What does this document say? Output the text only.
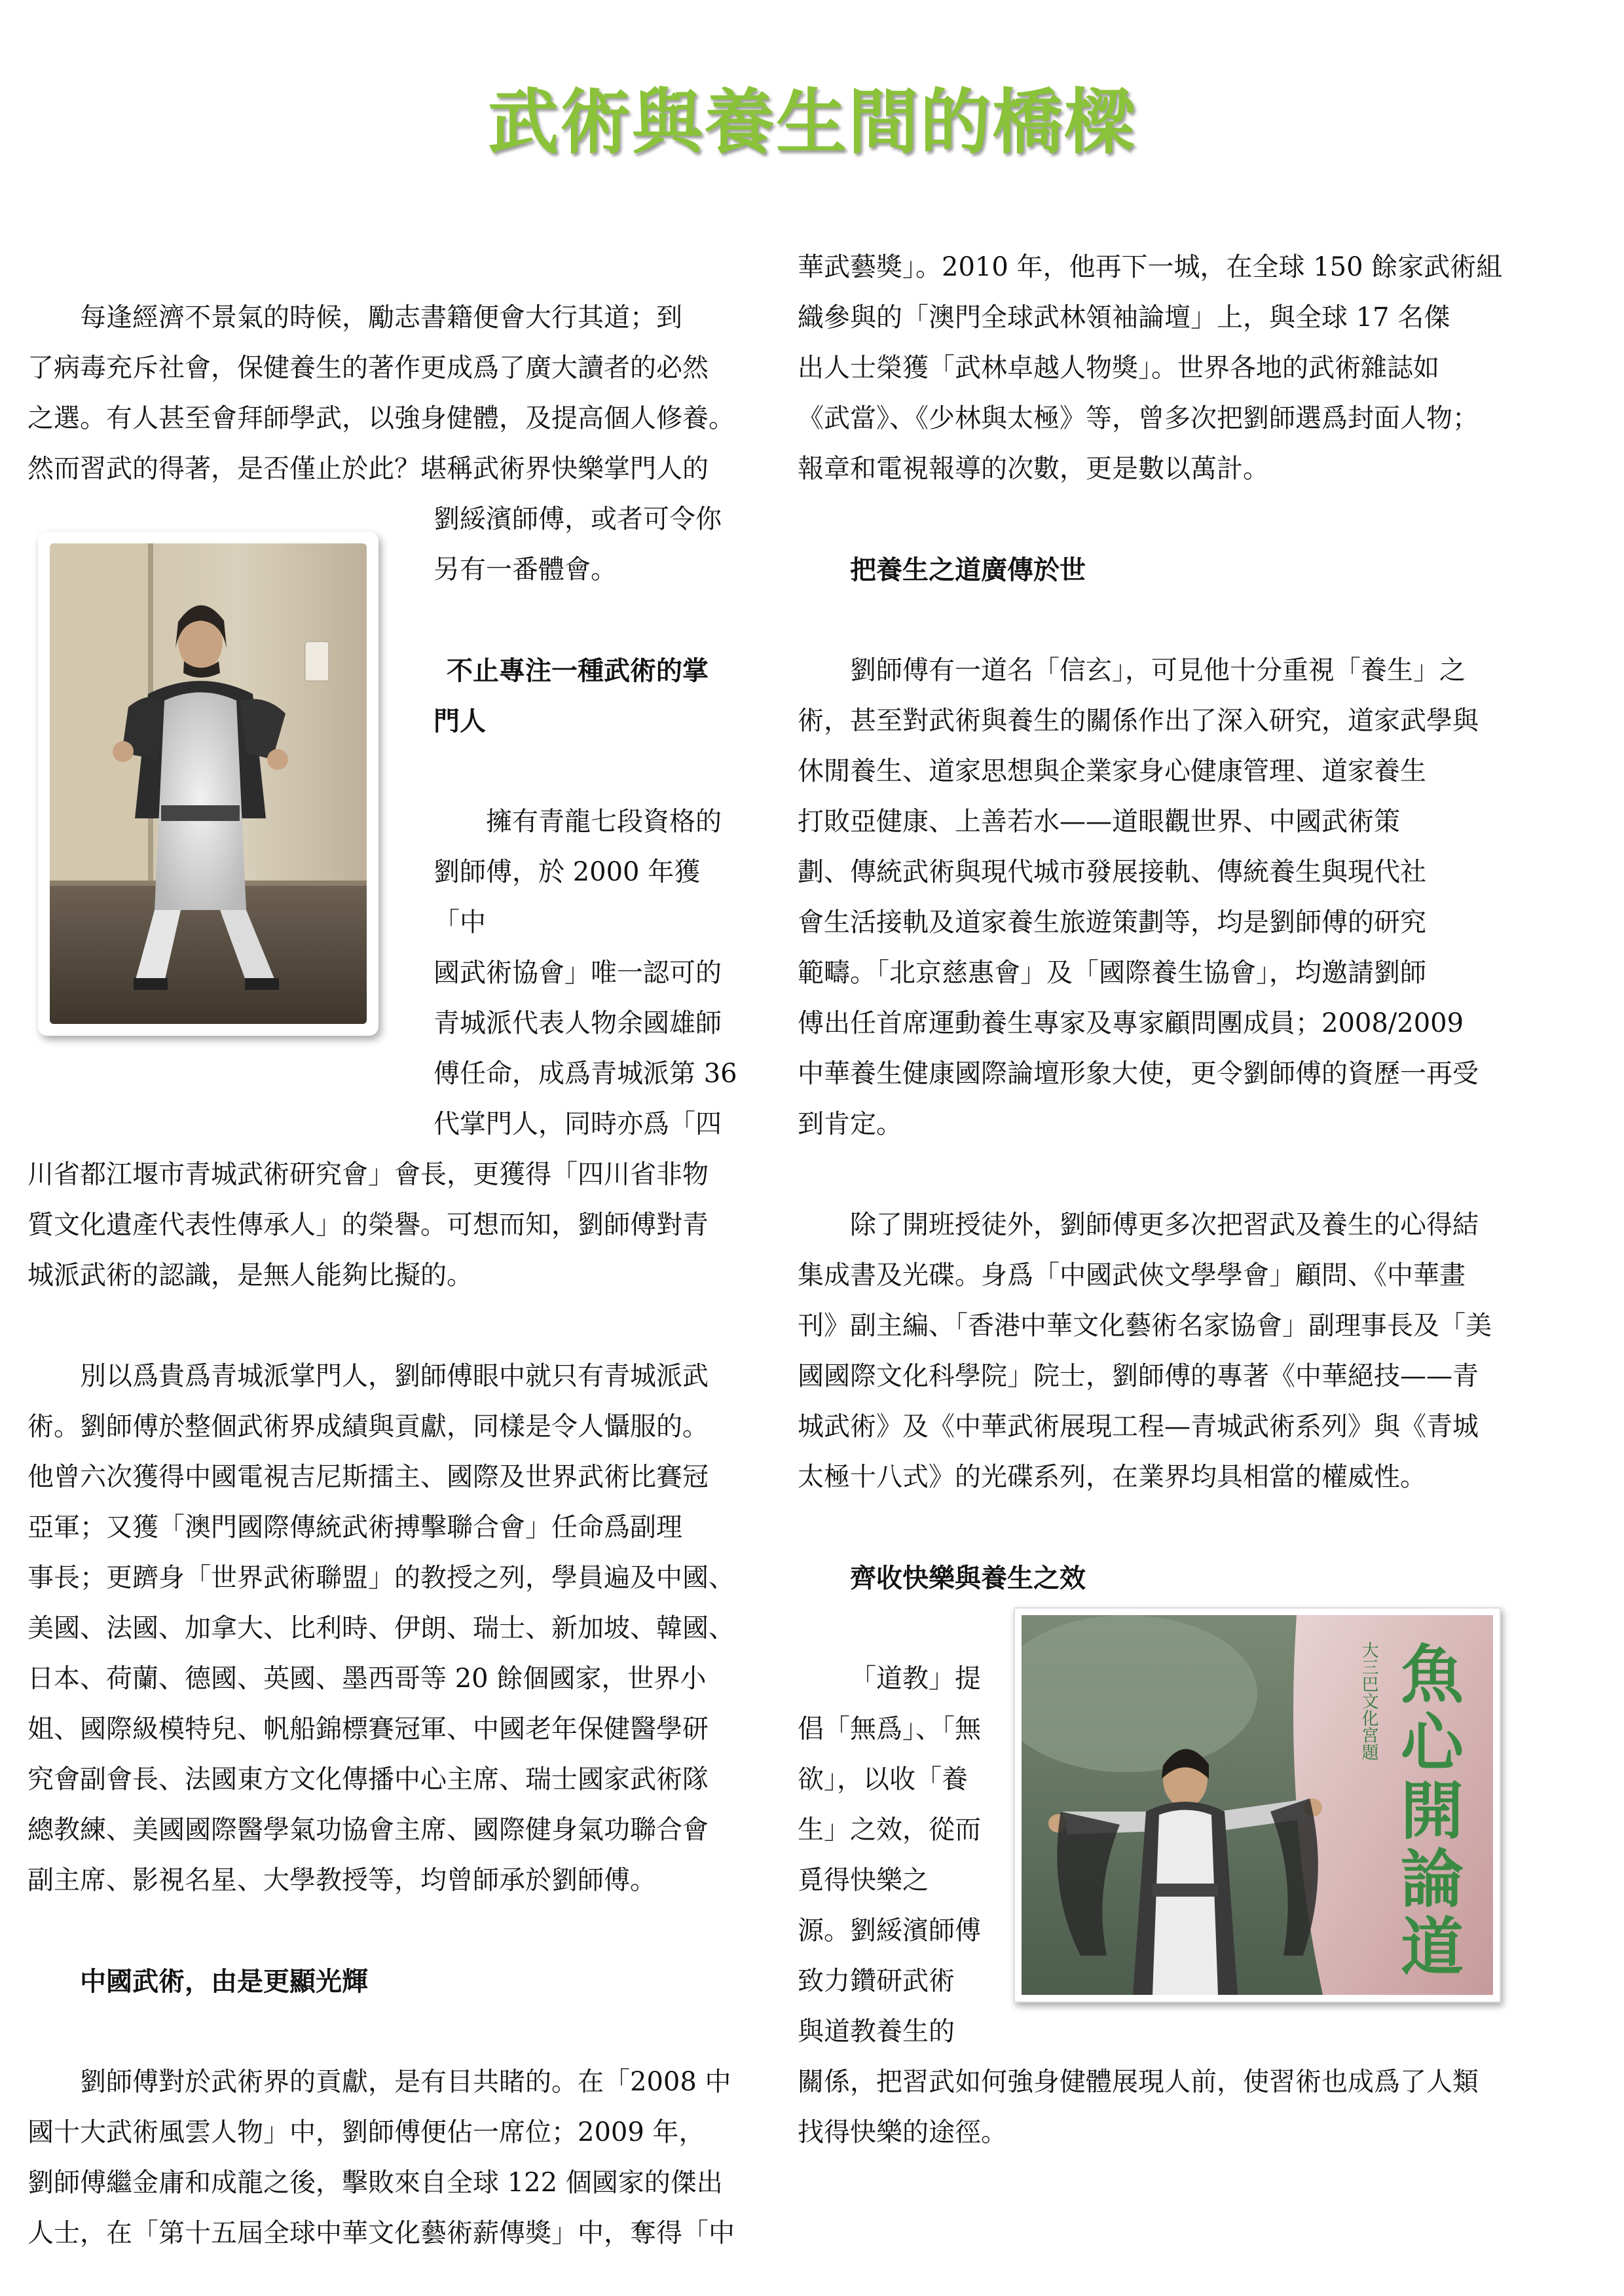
武術與養生間的橋樑

每逢經濟不景氣的時候，勵志書籍便會大行其道；到

了病毒充斥社會，保健養生的著作更成爲了廣大讀者的必然

之選。有人甚至會拜師學武，以強身健體，及提高個人修養。

然而習武的得著，是否僅止於此？堪稱武術界快樂掌門人的

劉綏濱師傅，或者可令你

另有一番體會。

不止專注一種武術的掌

門人

擁有青龍七段資格的

劉師傅，於 2000 年獲「中

國武術協會」唯一認可的

青城派代表人物余國雄師

傅任命，成爲青城派第 36

代掌門人，同時亦爲「四

川省都江堰市青城武術研究會」會長，更獲得「四川省非物

質文化遺產代表性傳承人」的榮譽。可想而知，劉師傅對青

城派武術的認識，是無人能夠比擬的。

別以爲貴爲青城派掌門人，劉師傅眼中就只有青城派武

術。劉師傅於整個武術界成績與貢獻，同樣是令人懾服的。

他曾六次獲得中國電視吉尼斯擂主、國際及世界武術比賽冠

亞軍；又獲「澳門國際傳統武術搏擊聯合會」任命爲副理

事長；更躋身「世界武術聯盟」的教授之列，學員遍及中國、

美國、法國、加拿大、比利時、伊朗、瑞士、新加坡、韓國、

日本、荷蘭、德國、英國、墨西哥等 20 餘個國家，世界小

姐、國際級模特兒、帆船錦標賽冠軍、中國老年保健醫學研

究會副會長、法國東方文化傳播中心主席、瑞士國家武術隊

總教練、美國國際醫學氣功協會主席、國際健身氣功聯合會

副主席、影視名星、大學教授等，均曾師承於劉師傅。

中國武術，由是更顯光輝

劉師傅對於武術界的貢獻，是有目共睹的。在「2008 中

國十大武術風雲人物」中，劉師傅便佔一席位；2009 年，

劉師傅繼金庸和成龍之後，擊敗來自全球 122 個國家的傑出

人士，在「第十五屆全球中華文化藝術薪傳獎」中，奪得「中

華武藝獎」。2010 年，他再下一城，在全球 150 餘家武術組

織參與的「澳門全球武林領袖論壇」上，與全球 17 名傑

出人士榮獲「武林卓越人物獎」。世界各地的武術雜誌如

《武當》、《少林與太極》等，曾多次把劉師選爲封面人物；

報章和電視報導的次數，更是數以萬計。

把養生之道廣傳於世

劉師傅有一道名「信玄」，可見他十分重視「養生」之

術，甚至對武術與養生的關係作出了深入研究，道家武學與

休閒養生、道家思想與企業家身心健康管理、道家養生

打敗亞健康、上善若水——道眼觀世界、中國武術策

劃、傳統武術與現代城市發展接軌、傳統養生與現代社

會生活接軌及道家養生旅遊策劃等，均是劉師傅的研究

範疇。「北京慈惠會」及「國際養生協會」，均邀請劉師

傅出任首席運動養生專家及專家顧問團成員；2008/2009

中華養生健康國際論壇形象大使，更令劉師傅的資歷一再受

到肯定。

除了開班授徒外，劉師傅更多次把習武及養生的心得結

集成書及光碟。身爲「中國武俠文學學會」顧問、《中華畫

刊》副主編、「香港中華文化藝術名家協會」副理事長及「美

國國際文化科學院」院士，劉師傅的專著《中華絕技——青

城武術》及《中華武術展現工程—青城武術系列》與《青城

太極十八式》的光碟系列，在業界均具相當的權威性。

齊收快樂與養生之效

「道教」提

倡「無爲」、「無

欲」，以收「養

生」之效，從而

覓得快樂之

源。劉綏濱師傅

致力鑽研武術

與道教養生的

關係，把習武如何強身健體展現人前，使習術也成爲了人類

找得快樂的途徑。

大三巴文化宮題 魚心開論道
